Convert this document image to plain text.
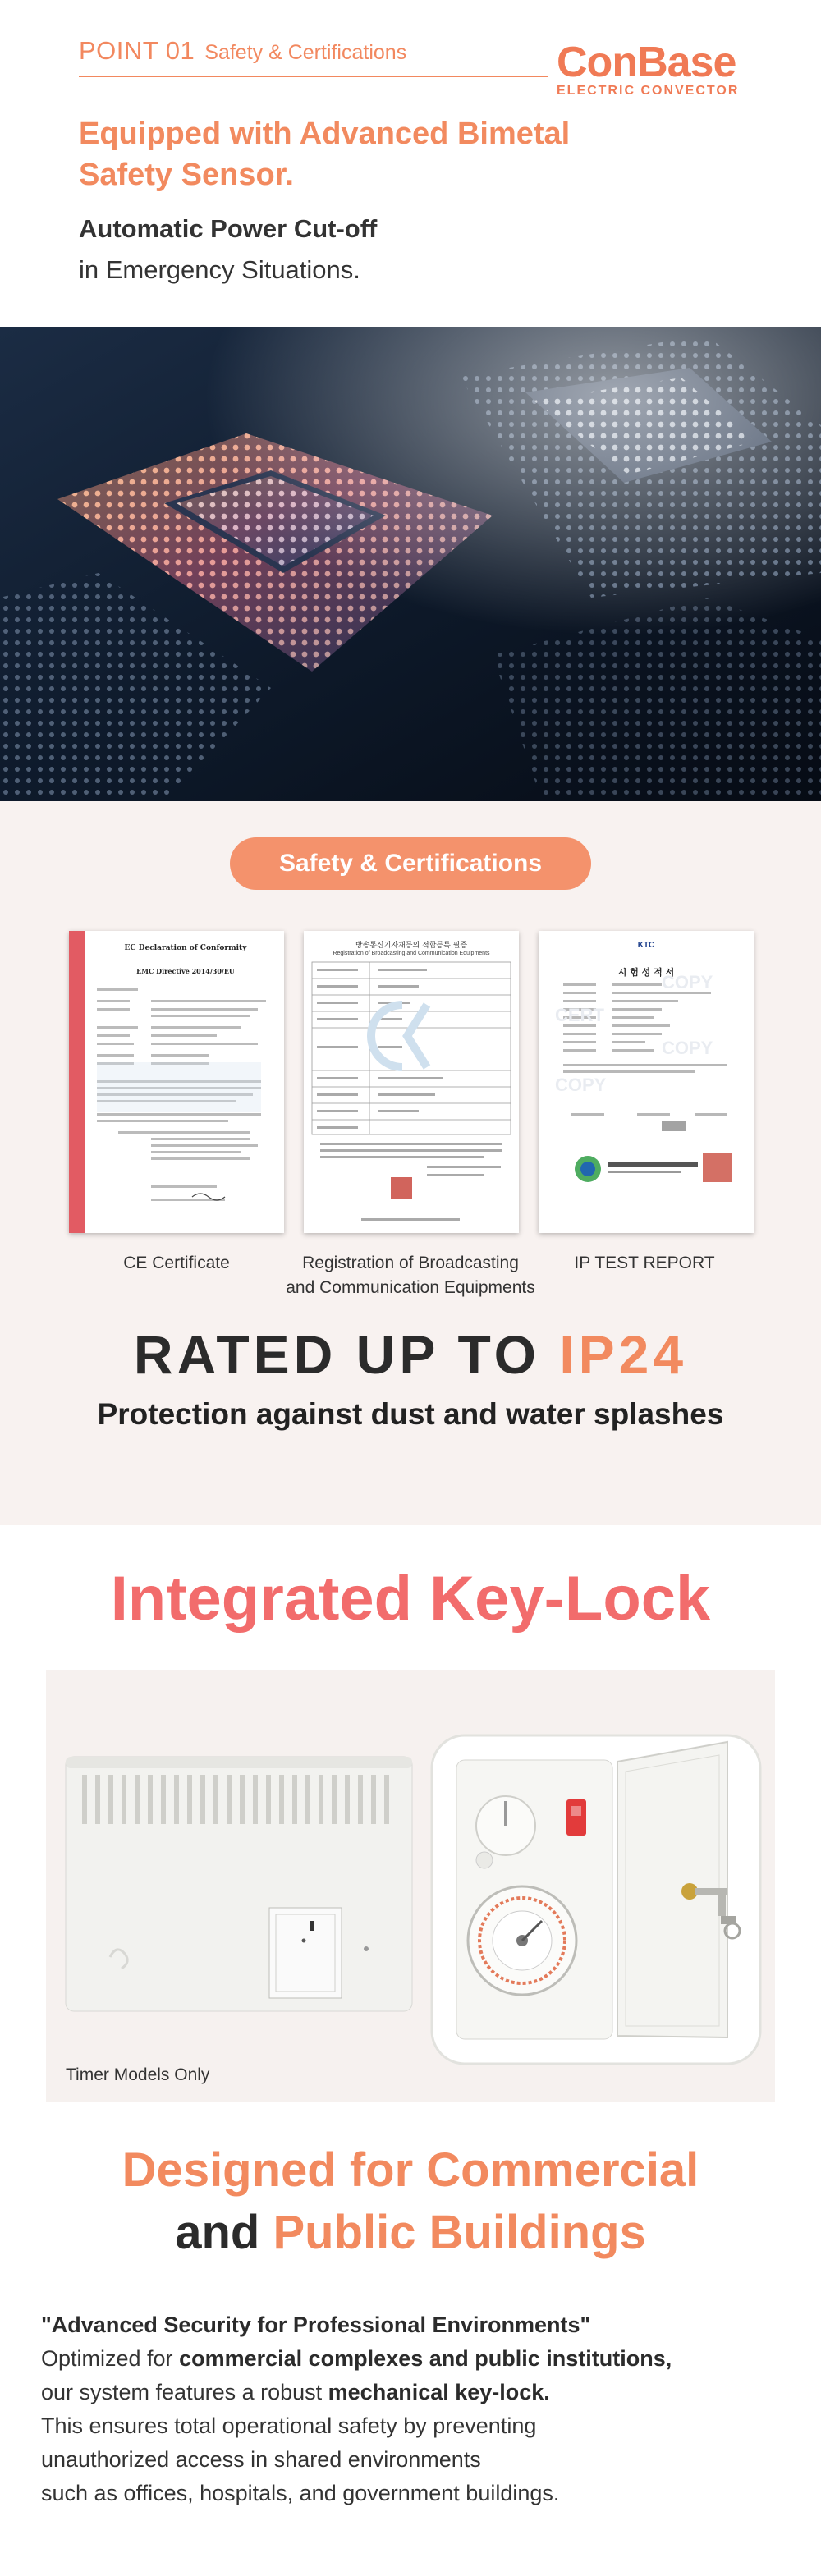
POINT 01 Safety & Certifications	ConBase
ELECTRIC CONVECTOR
Equipped with Advanced Bimetal
Safety Sensor.
Automatic Power Cut-off
in Emergency Situations.
Safety & Certifications
EC Declaration of Conformity
EMC Directive 2014/30/EU
CE Certificate
방송통신기자재등의 적합등록 필증
Registration of Broadcasting and Communication Equipments
Registration of Broadcasting
and Communication Equipments
KTC
시 험 성 적 서
COPY
CERT
COPY
COPY
IP TEST REPORT
RATED UP TO IP24
Protection against dust and water splashes
Integrated Key-Lock
Timer Models Only
Designed for Commercial
and Public Buildings
"Advanced Security for Professional Environments"
Optimized for commercial complexes and public institutions,
our system features a robust mechanical key-lock.
This ensures total operational safety by preventing
unauthorized access in shared environments
such as offices, hospitals, and government buildings.
